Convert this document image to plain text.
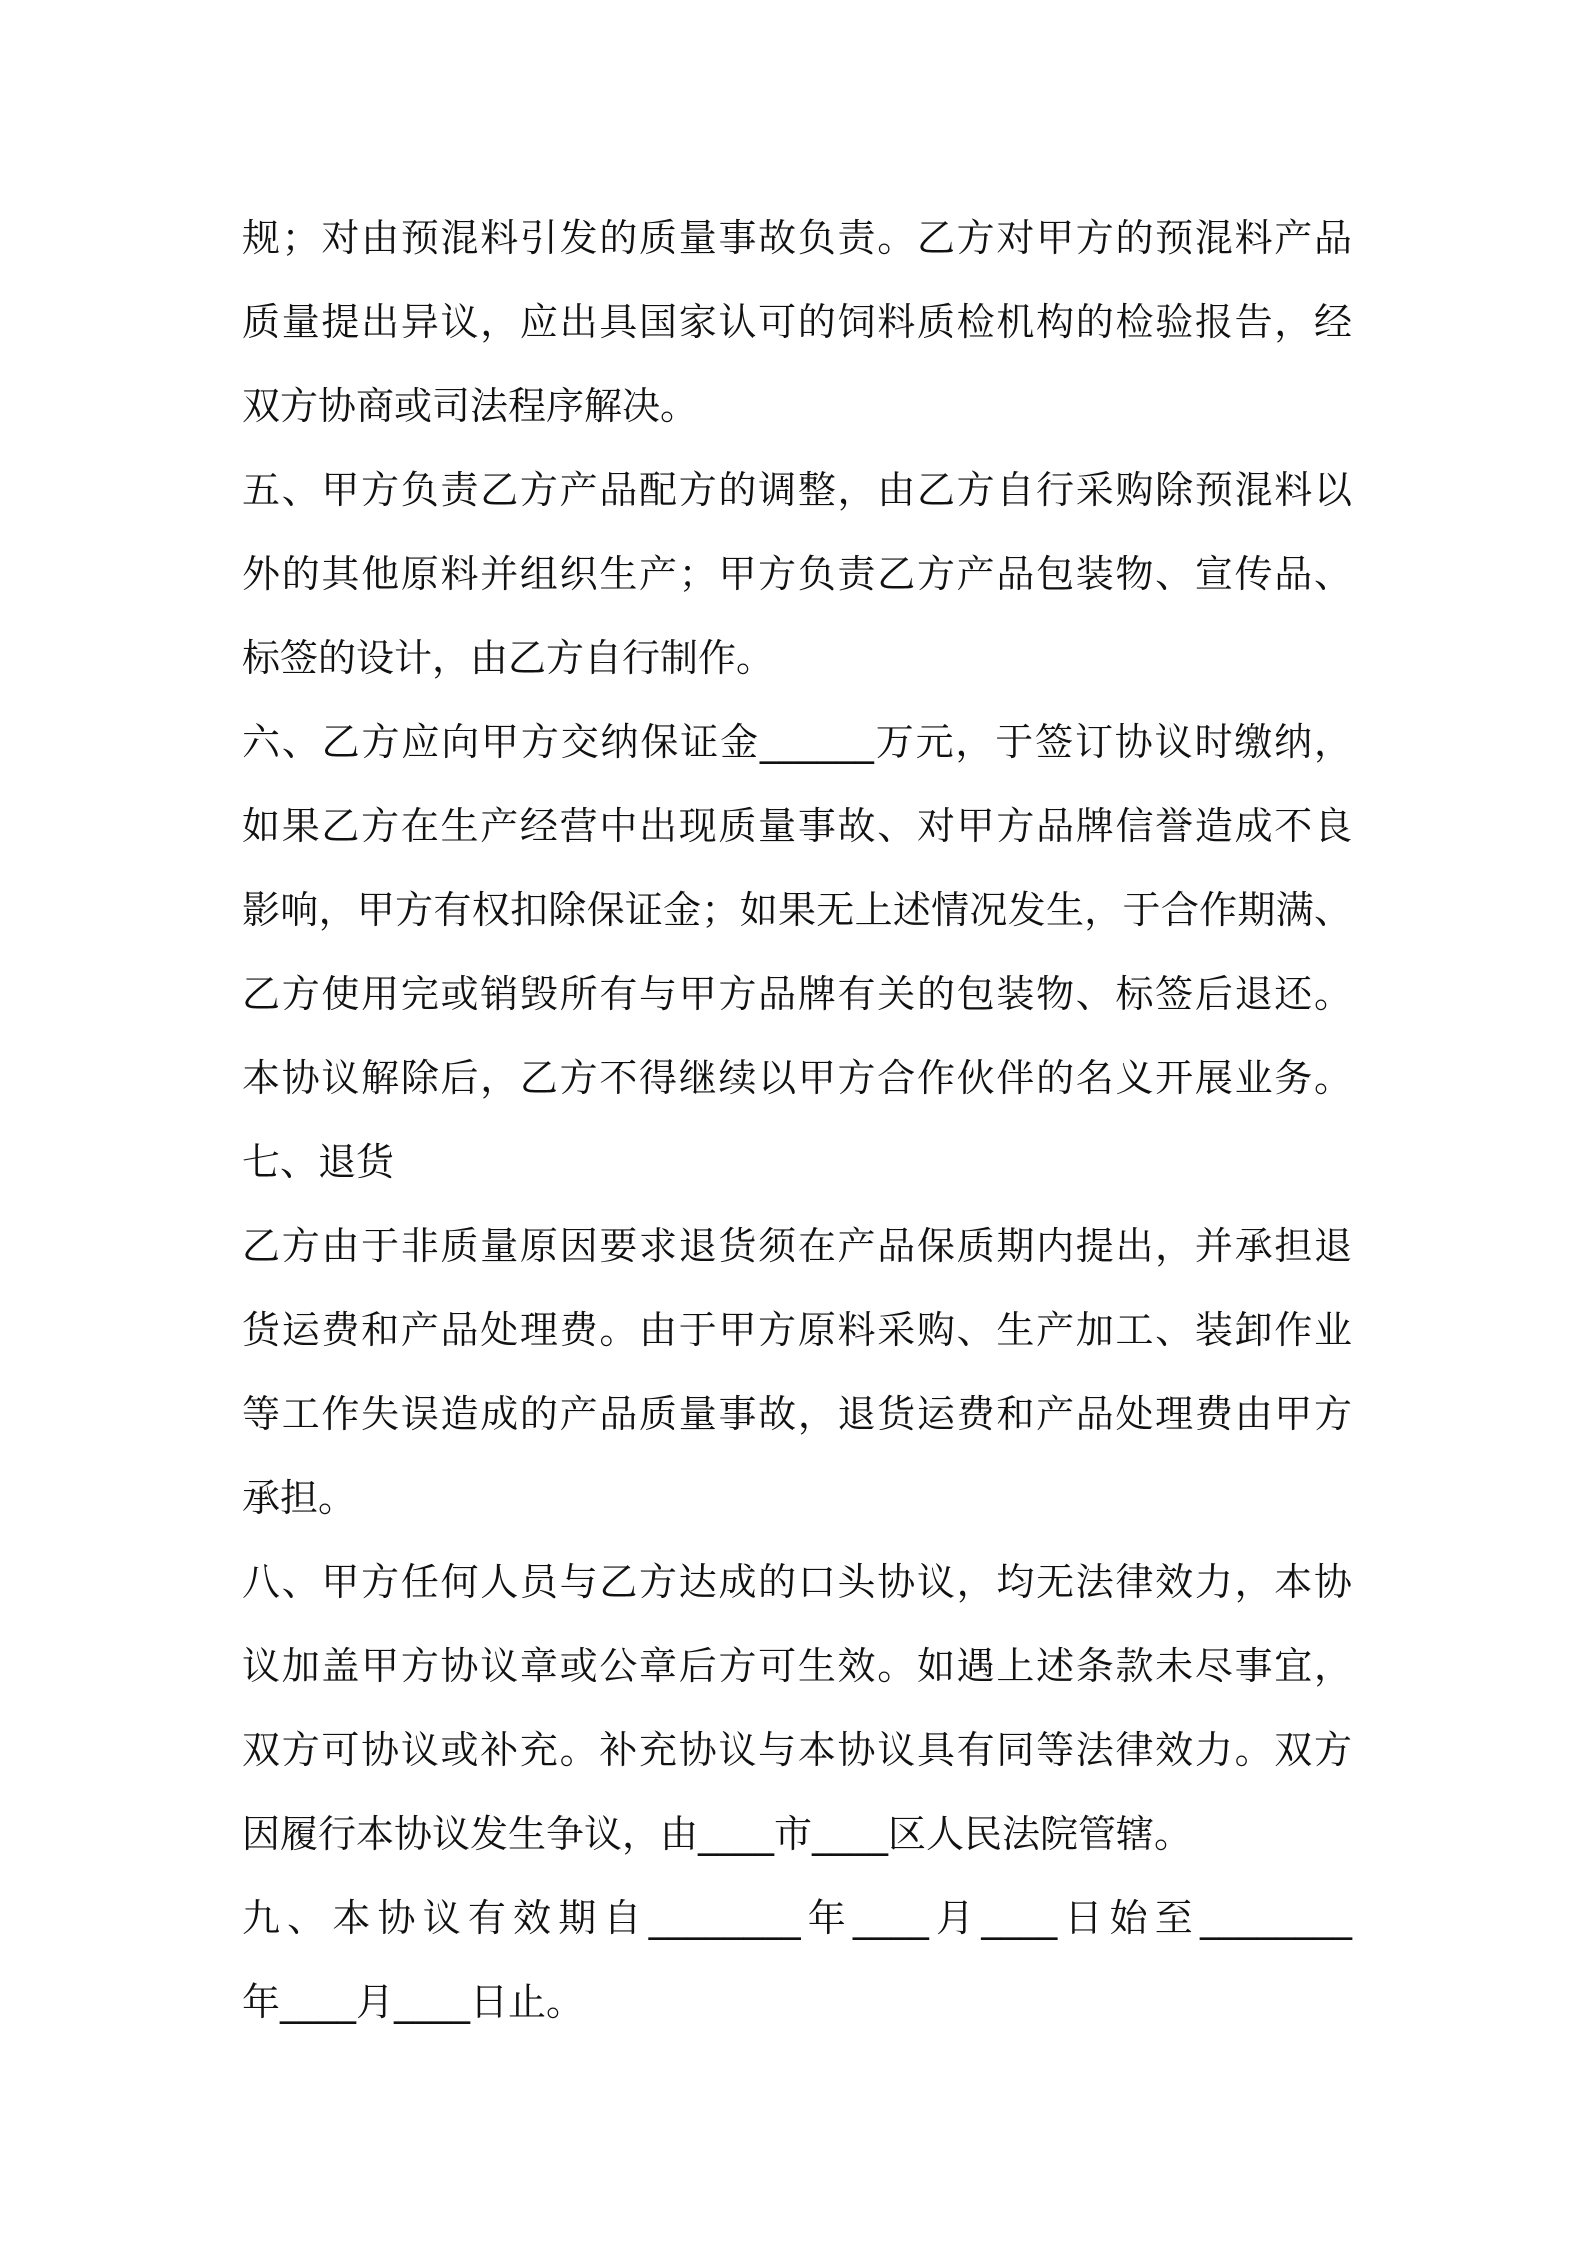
规；对由预混料引发的质量事故负责。乙方对甲方的预混料产品
质量提出异议，应出具国家认可的饲料质检机构的检验报告，经
双方协商或司法程序解决。
五、甲方负责乙方产品配方的调整，由乙方自行采购除预混料以
外的其他原料并组织生产；甲方负责乙方产品包装物、宣传品、
标签的设计，由乙方自行制作。
六、乙方应向甲方交纳保证金______万元，于签订协议时缴纳，
如果乙方在生产经营中出现质量事故、对甲方品牌信誉造成不良
影响，甲方有权扣除保证金；如果无上述情况发生，于合作期满、
乙方使用完或销毁所有与甲方品牌有关的包装物、标签后退还。
本协议解除后，乙方不得继续以甲方合作伙伴的名义开展业务。
七、退货
乙方由于非质量原因要求退货须在产品保质期内提出，并承担退
货运费和产品处理费。由于甲方原料采购、生产加工、装卸作业
等工作失误造成的产品质量事故，退货运费和产品处理费由甲方
承担。
八、甲方任何人员与乙方达成的口头协议，均无法律效力，本协
议加盖甲方协议章或公章后方可生效。如遇上述条款未尽事宜，
双方可协议或补充。补充协议与本协议具有同等法律效力。双方
因履行本协议发生争议，由____市____区人民法院管辖。
九、本协议有效期自________年____月____日始至________
年____月____日止。
